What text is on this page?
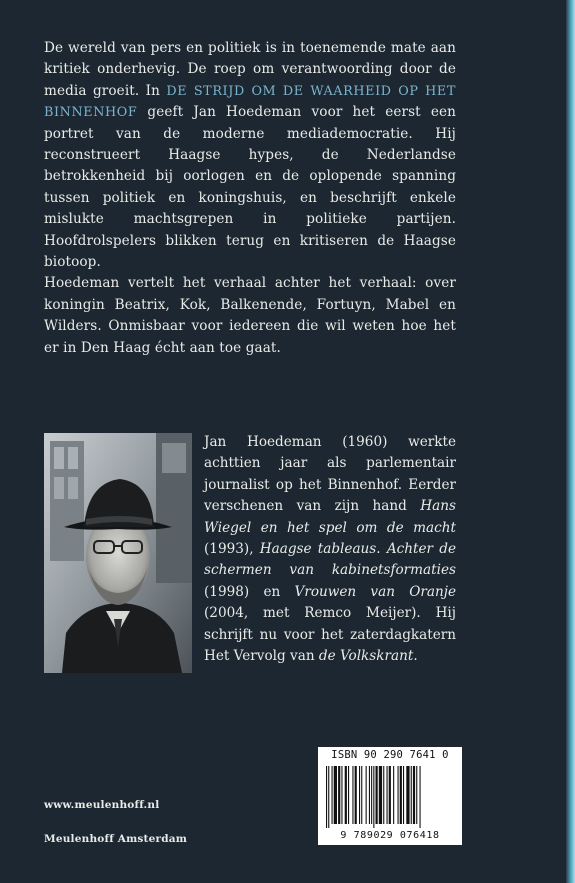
De wereld van pers en politiek is in toenemende mate aan kritiek onderhevig. De roep om verantwoording door de media groeit. In DE STRIJD OM DE WAARHEID OP HET BINNENHOF geeft Jan Hoedeman voor het eerst een portret van de moderne mediademocratie. Hij reconstrueert Haagse hypes, de Nederlandse betrokkenheid bij oorlogen en de oplopende spanning tussen politiek en koningshuis, en beschrijft enkele mislukte machtsgrepen in politieke partijen. Hoofdrolspelers blikken terug en kritiseren de Haagse biotoop.

Hoedeman vertelt het verhaal achter het verhaal: over koningin Beatrix, Kok, Balkenende, Fortuyn, Mabel en Wilders. Onmisbaar voor iedereen die wil weten hoe het er in Den Haag écht aan toe gaat.

Jan Hoedeman (1960) werkte achttien jaar als parlementair journalist op het Binnenhof. Eerder verschenen van zijn hand Hans Wiegel en het spel om de macht (1993), Haagse tableaus. Achter de schermen van kabinetsformaties (1998) en Vrouwen van Oranje (2004, met Remco Meijer). Hij schrijft nu voor het zaterdagkatern Het Vervolg van de Volkskrant.
ISBN 90 290 7641 0
9 789029 076418
www.meulenhoff.nl
Meulenhoff Amsterdam
